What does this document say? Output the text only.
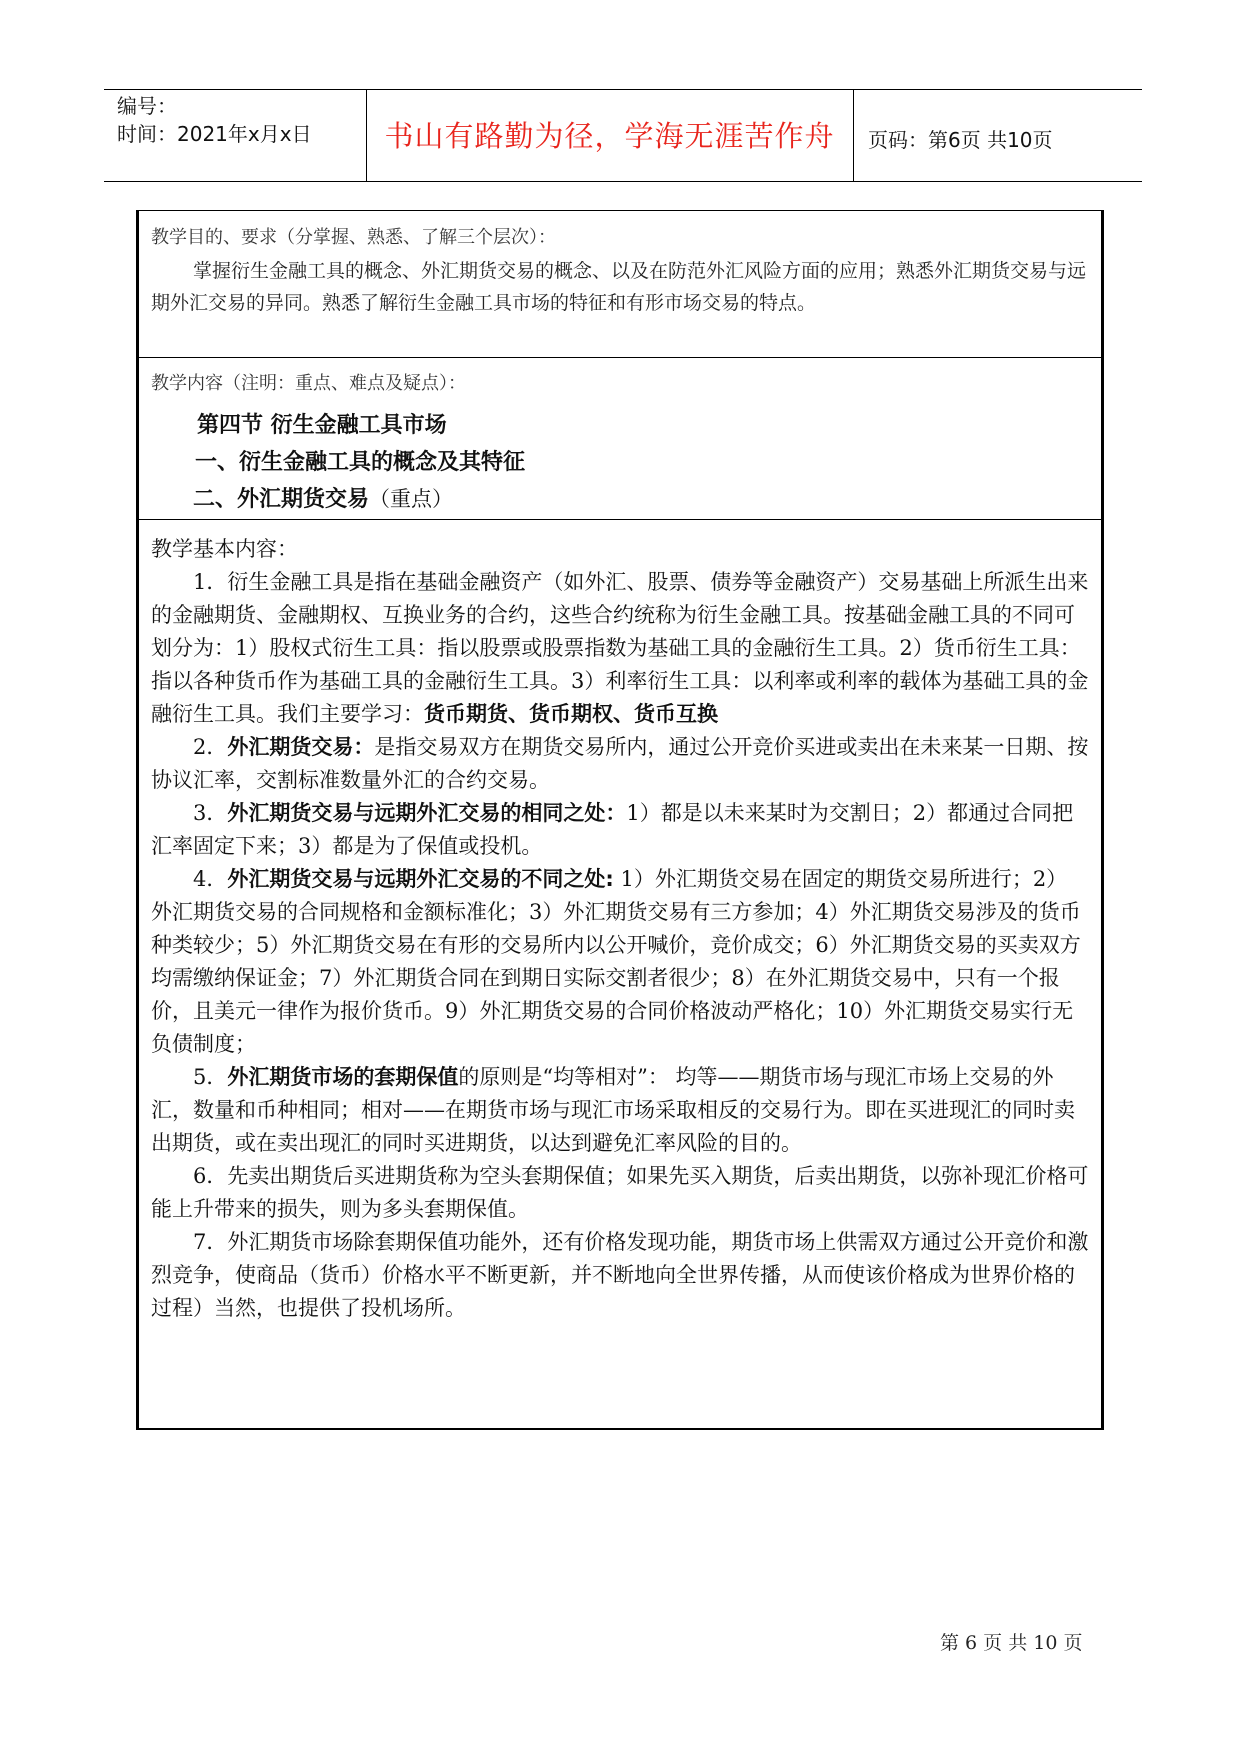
编号：
时间：2021年x月x日	书山有路勤为径，学海无涯苦作舟	页码：第6页 共10页
教学目的、要求（分掌握、熟悉、了解三个层次）：
掌握衍生金融工具的概念、外汇期货交易的概念、以及在防范外汇风险方面的应用；熟悉外汇期货交易与远期外汇交易的异同。熟悉了解衍生金融工具市场的特征和有形市场交易的特点。
教学内容（注明：重点、难点及疑点）：
第四节 衍生金融工具市场
一、衍生金融工具的概念及其特征
二、外汇期货交易（重点）
教学基本内容：
1．衍生金融工具是指在基础金融资产（如外汇、股票、债券等金融资产）交易基础上所派生出来的金融期货、金融期权、互换业务的合约，这些合约统称为衍生金融工具。按基础金融工具的不同可划分为：1）股权式衍生工具：指以股票或股票指数为基础工具的金融衍生工具。2）货币衍生工具：指以各种货币作为基础工具的金融衍生工具。3）利率衍生工具：以利率或利率的载体为基础工具的金融衍生工具。我们主要学习：货币期货、货币期权、货币互换
2．外汇期货交易：是指交易双方在期货交易所内，通过公开竞价买进或卖出在未来某一日期、按协议汇率，交割标准数量外汇的合约交易。
3．外汇期货交易与远期外汇交易的相同之处：1）都是以未来某时为交割日；2）都通过合同把汇率固定下来；3）都是为了保值或投机。
4．外汇期货交易与远期外汇交易的不同之处: 1）外汇期货交易在固定的期货交易所进行；2）
外汇期货交易的合同规格和金额标准化；3）外汇期货交易有三方参加；4）外汇期货交易涉及的货币种类较少；5）外汇期货交易在有形的交易所内以公开喊价，竞价成交；6）外汇期货交易的买卖双方均需缴纳保证金；7）外汇期货合同在到期日实际交割者很少；8）在外汇期货交易中，只有一个报价，且美元一律作为报价货币。9）外汇期货交易的合同价格波动严格化；10）外汇期货交易实行无负债制度；
5．外汇期货市场的套期保值的原则是“均等相对”： 均等——期货市场与现汇市场上交易的外汇，数量和币种相同；相对——在期货市场与现汇市场采取相反的交易行为。即在买进现汇的同时卖出期货，或在卖出现汇的同时买进期货，以达到避免汇率风险的目的。
6．先卖出期货后买进期货称为空头套期保值；如果先买入期货，后卖出期货，以弥补现汇价格可能上升带来的损失，则为多头套期保值。
7．外汇期货市场除套期保值功能外，还有价格发现功能，期货市场上供需双方通过公开竞价和激烈竞争，使商品（货币）价格水平不断更新，并不断地向全世界传播，从而使该价格成为世界价格的过程）当然，也提供了投机场所。
第 6 页 共 10 页
